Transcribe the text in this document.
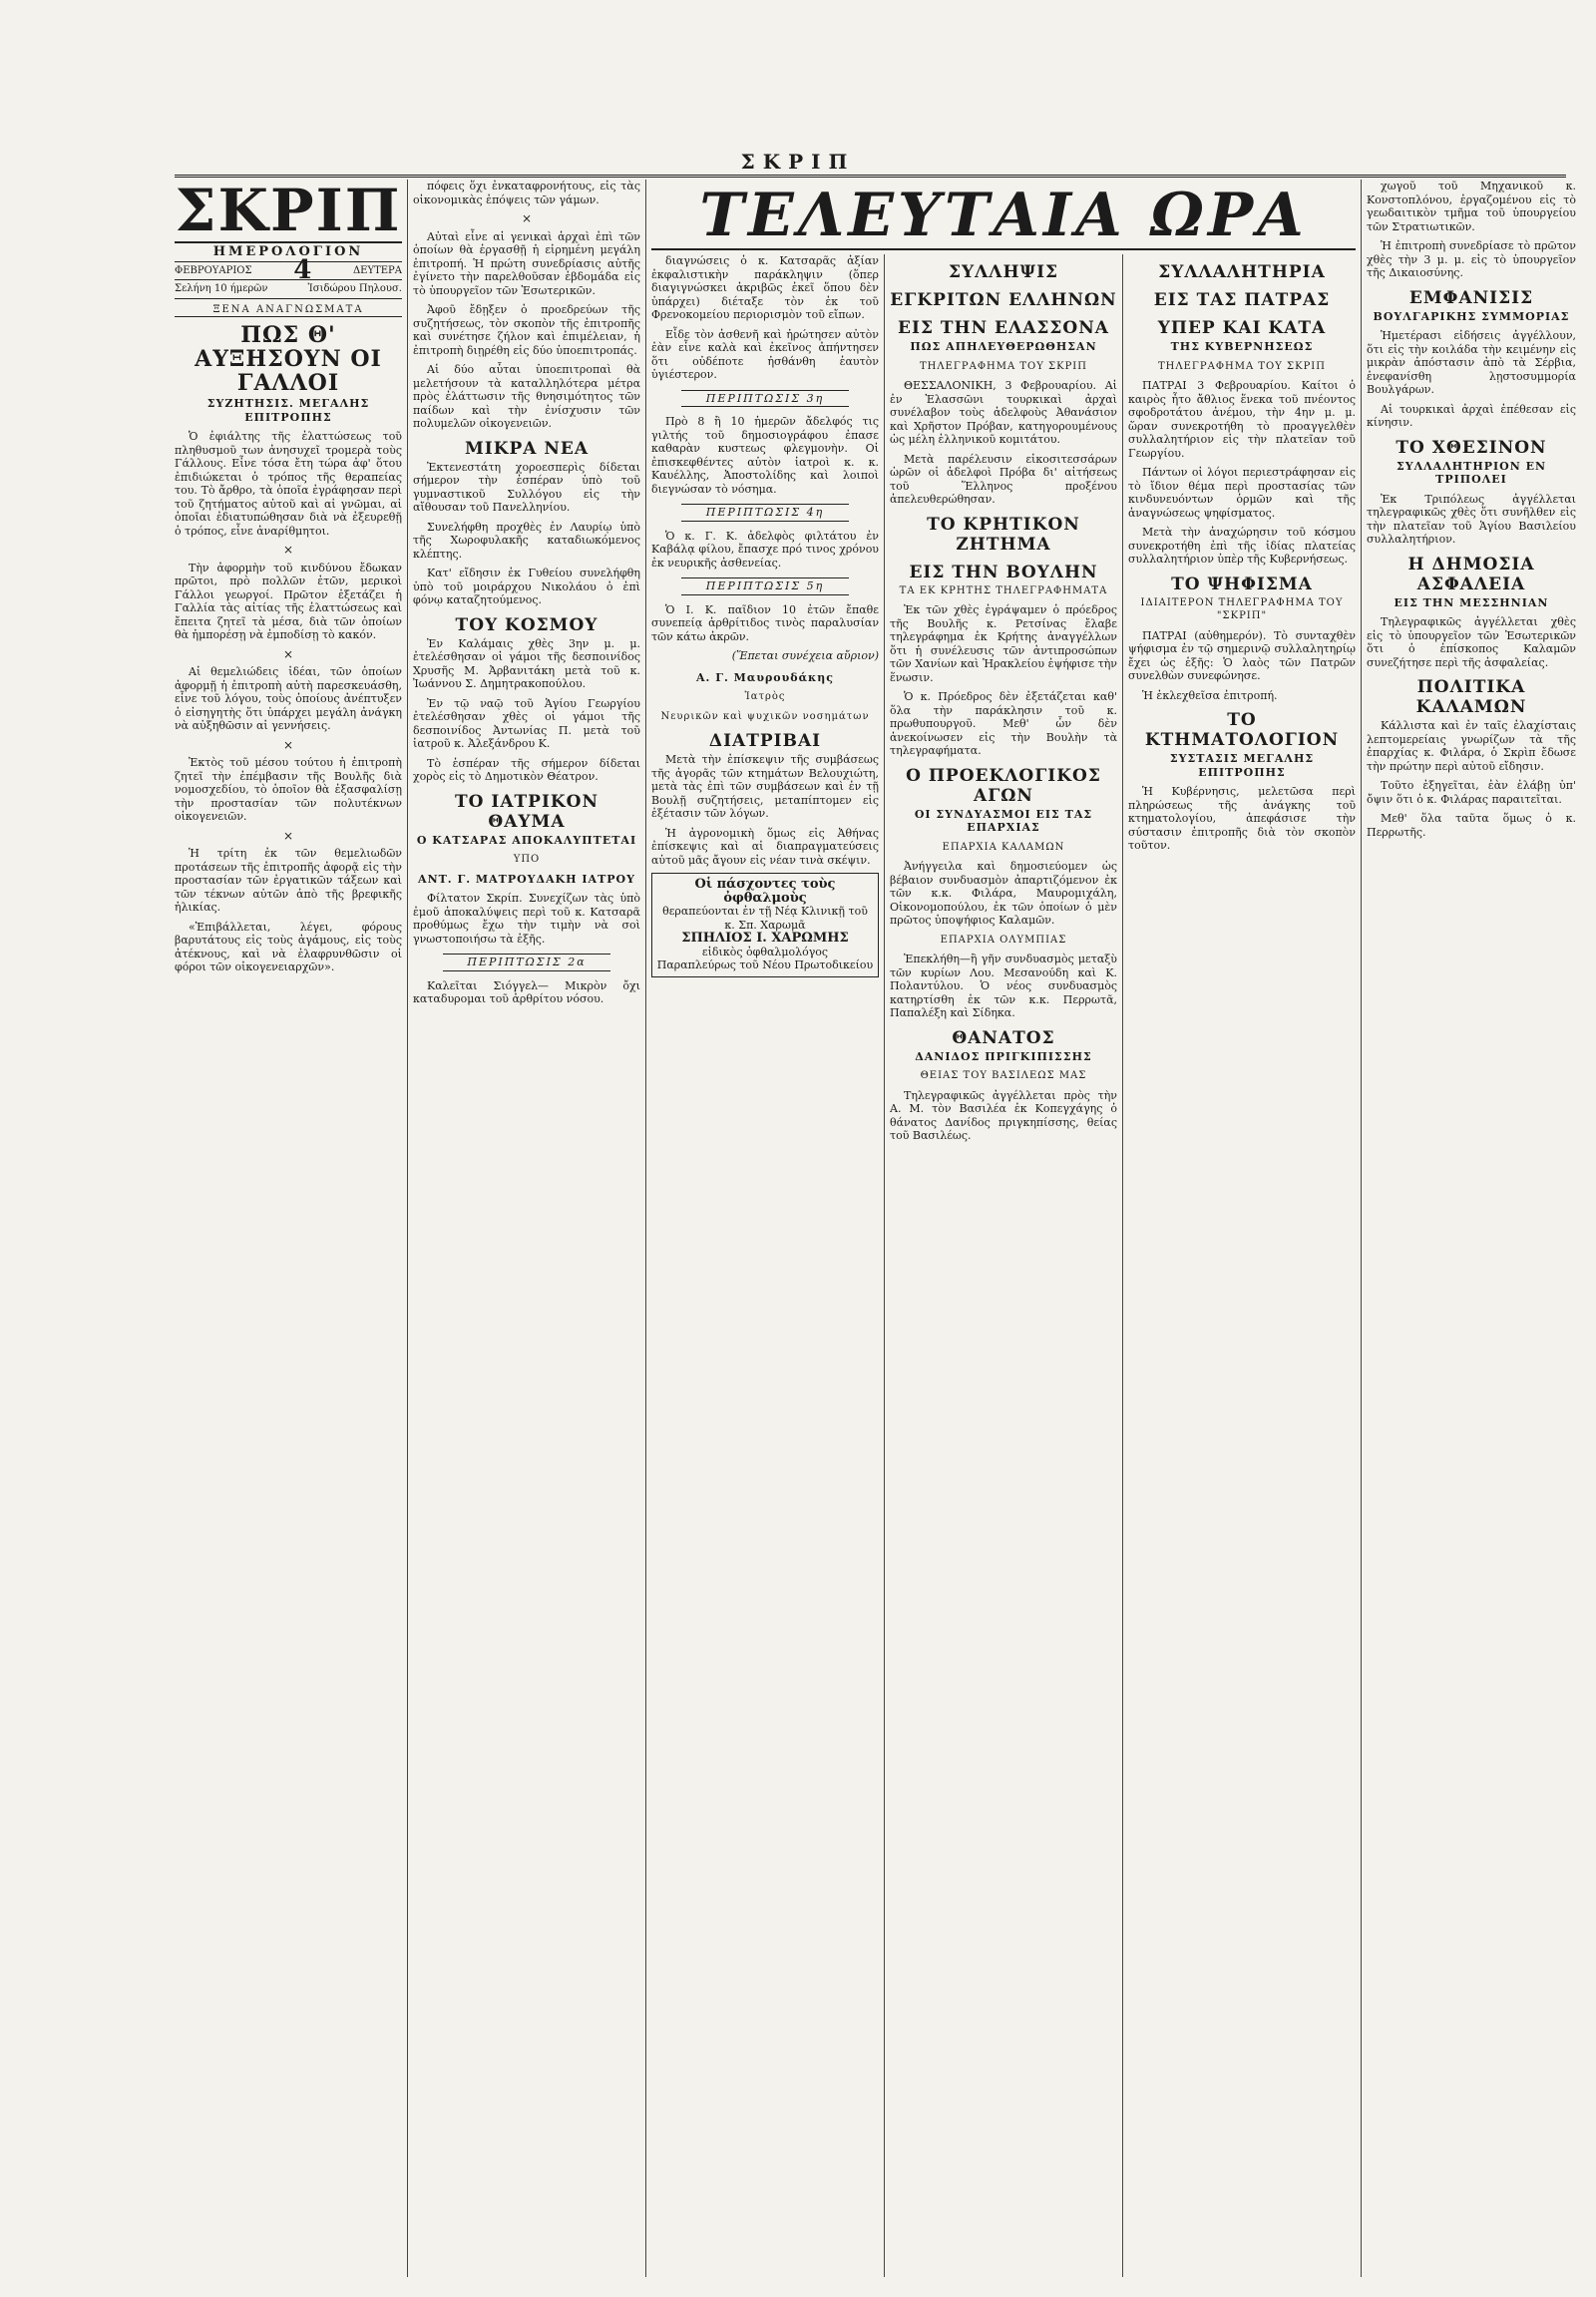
ΣΚΡΙΠ
ΣΚΡΙΠ
ΗΜΕΡΟΛΟΓΙΟΝ
ΦΕΒΡΟΥΑΡΙΟΣ 4	ΔΕΥΤΕΡΑ
Σελήνη 10 ήμερῶν	Ἰσιδώρου Πηλουσ.
ΞΕΝΑ ΑΝΑΓΝΩΣΜΑΤΑ
ΠΩΣ Θ' ΑΥΞΗΣΟΥΝ ΟΙ ΓΑΛΛΟΙ
ΣΥΖΗΤΗΣΙΣ. ΜΕΓΑΛΗΣ ΕΠΙΤΡΟΠΗΣ

Ὁ ἐφιάλτης τῆς ἐλαττώσεως τοῦ πληθυσμοῦ των ἀνησυχεῖ τρομερὰ τοὺς Γάλλους. Εἶνε τόσα ἔτη τώρα ἀφ' ὅτου ἐπιδιώκεται ὁ τρόπος τῆς θεραπείας του. Τὸ ἄρθρο, τὰ ὁποῖα ἐγράφησαν περὶ τοῦ ζητήματος αὐτοῦ καὶ αἱ γνῶμαι, αἱ ὁποῖαι ἐδιατυπώθησαν διὰ νὰ ἐξευρεθῇ ὁ τρόπος, εἶνε ἀναρίθμητοι.

×

Τὴν ἀφορμὴν τοῦ κινδύνου ἔδωκαν πρῶτοι, πρὸ πολλῶν ἐτῶν, μερικοὶ Γάλλοι γεωργοί. Πρῶτον ἐξετάζει ἡ Γαλλία τὰς αἰτίας τῆς ἐλαττώσεως καὶ ἔπειτα ζητεῖ τὰ μέσα, διὰ τῶν ὁποίων θὰ ἠμπορέσῃ νὰ ἐμποδίσῃ τὸ κακόν.

×

Αἱ θεμελιώδεις ἰδέαι, τῶν ὁποίων ἀφορμῇ ἡ ἐπιτροπὴ αὐτὴ παρεσκευάσθη, εἶνε τοῦ λόγου, τοὺς ὁποίους ἀνέπτυξεν ὁ εἰσηγητὴς ὅτι ὑπάρχει μεγάλη ἀνάγκη νὰ αὐξηθῶσιν αἱ γεννήσεις.

×

Ἐκτὸς τοῦ μέσου τούτου ἡ ἐπιτροπὴ ζητεῖ τὴν ἐπέμβασιν τῆς Βουλῆς διὰ νομοσχεδίου, τὸ ὁποῖον θὰ ἐξασφαλίσῃ τὴν προστασίαν τῶν πολυτέκνων οἰκογενειῶν.

×

Ἡ τρίτη ἐκ τῶν θεμελιωδῶν προτάσεων τῆς ἐπιτροπῆς ἀφορᾷ εἰς τὴν προστασίαν τῶν ἐργατικῶν τάξεων καὶ τῶν τέκνων αὐτῶν ἀπὸ τῆς βρεφικῆς ἡλικίας.

«Ἐπιβάλλεται, λέγει, φόρους βαρυτάτους εἰς τοὺς ἀγάμους, εἰς τοὺς ἀτέκνους, καὶ νὰ ἐλαφρυνθῶσιν οἱ φόροι τῶν οἰκογενειαρχῶν».

πόφεις ὅχι ἐνκαταφρονήτους, εἰς τὰς οἰκονομικὰς ἐπόψεις τῶν γάμων.

×

Αὐταὶ εἶνε αἱ γενικαὶ ἀρχαὶ ἐπὶ τῶν ὁποίων θὰ ἐργασθῇ ἡ εἰρημένη μεγάλη ἐπιτροπή. Ἡ πρώτη συνεδρίασις αὐτῆς ἐγίνετο τὴν παρελθοῦσαν ἑβδομάδα εἰς τὸ ὑπουργεῖον τῶν Ἐσωτερικῶν.

Ἀφοῦ ἔδῃξεν ὁ προεδρεύων τῆς συζητήσεως, τὸν σκοπὸν τῆς ἐπιτροπῆς καὶ συνέτησε ζήλον καὶ ἐπιμέλειαν, ἡ ἐπιτροπὴ διῃρέθη εἰς δύο ὑποεπιτροπάς.

Αἱ δύο αὗται ὑποεπιτροπαὶ θὰ μελετήσουν τὰ καταλληλότερα μέτρα πρὸς ἐλάττωσιν τῆς θνησιμότητος τῶν παίδων καὶ τὴν ἐνίσχυσιν τῶν πολυμελῶν οἰκογενειῶν.

ΜΙΚΡΑ ΝΕΑ

Ἐκτενεστάτη χοροεσπερὶς δίδεται σήμερον τὴν ἑσπέραν ὑπὸ τοῦ γυμναστικοῦ Συλλόγου εἰς τὴν αἴθουσαν τοῦ Πανελληνίου.

Συνελήφθη προχθὲς ἐν Λαυρίῳ ὑπὸ τῆς Χωροφυλακῆς καταδιωκόμενος κλέπτης.

Κατ' εἴδησιν ἐκ Γυθείου συνελήφθη ὑπὸ τοῦ μοιράρχου Νικολάου ὁ ἐπὶ φόνῳ καταζητούμενος.

ΤΟΥ ΚΟΣΜΟΥ

Ἐν Καλάμαις χθὲς 3ην μ. μ. ἐτελέσθησαν οἱ γάμοι τῆς δεσποινίδος Χρυσῆς Μ. Ἀρβανιτάκη μετὰ τοῦ κ. Ἰωάννου Σ. Δημητρακοπούλου.

Ἐν τῷ ναῷ τοῦ Ἁγίου Γεωργίου ἐτελέσθησαν χθὲς οἱ γάμοι τῆς δεσποινίδος Ἀντωνίας Π. μετὰ τοῦ ἰατροῦ κ. Ἀλεξάνδρου Κ.

Τὸ ἑσπέραν τῆς σήμερον δίδεται χορὸς εἰς τὸ Δημοτικὸν Θέατρον.

ΤΟ ΙΑΤΡΙΚΟΝ ΘΑΥΜΑ
Ο ΚΑΤΣΑΡΑΣ ΑΠΟΚΑΛΥΠΤΕΤΑΙ
ΥΠΟ
ΑΝΤ. Γ. ΜΑΤΡΟΥΔΑΚΗ ΙΑΤΡΟΥ

Φίλτατον Σκρίπ. Συνεχίζων τὰς ὑπὸ ἐμοῦ ἀποκαλύψεις περὶ τοῦ κ. Κατσαρᾶ προθύμως ἔχω τὴν τιμὴν νὰ σοὶ γνωστοποιήσω τὰ ἑξῆς.

ΠΕΡΙΠΤΩΣΙΣ 2α

Καλεῖται Σιόγγελ— Μικρὸν ὄχι καταδυρομαι τοῦ ἀρθρίτου νόσου.

ΤΕΛΕΥΤΑΙΑ ΩΡΑ

διαγνώσεις ὁ κ. Κατσαρᾶς ἀξίαν ἐκφαλιστικὴν παράκληψιν (ὅπερ διαγιγνώσκει ἀκριβῶς ἐκεῖ ὅπου δὲν ὑπάρχει) διέταξε τὸν ἐκ τοῦ Φρενοκομείου περιορισμὸν τοῦ εἴπων.

Εἶδε τὸν ἀσθενῆ καὶ ἠρώτησεν αὐτὸν ἐὰν εἶνε καλὰ καὶ ἐκεῖνος ἀπήντησεν ὅτι οὐδέποτε ἠσθάνθη ἑαυτὸν ὑγιέστερον.

ΠΕΡΙΠΤΩΣΙΣ 3η

Πρὸ 8 ἢ 10 ἡμερῶν ἄδελφός τις γιλτής τοῦ δημοσιογράφου ἐπασε καθαρὰν κυστεως φλεγμονὴν. Οἱ ἐπισκεφθέντες αὐτὸν ἰατροὶ κ. κ. Καυέλλης, Ἀποστολίδης καὶ λοιποὶ διεγνώσαν τὸ νόσημα.

ΠΕΡΙΠΤΩΣΙΣ 4η

Ὁ κ. Γ. Κ. ἀδελφὸς φιλτάτου ἐν Καβάλᾳ φίλου, ἔπασχε πρό τινος χρόνου ἐκ νευρικῆς ἀσθενείας.

ΠΕΡΙΠΤΩΣΙΣ 5η

Ὁ Ι. Κ. παῖδιον 10 ἐτῶν ἔπαθε συνεπείᾳ ἀρθρίτιδος τινὸς παραλυσίαν τῶν κάτω ἀκρῶν.

(Ἕπεται συνέχεια αὔριον)
Α. Γ. Μαυρουδάκης
Ἰατρὸς
Νευρικῶν καὶ ψυχικῶν νοσημάτων
ΔΙΑΤΡΙΒΑΙ

Μετὰ τὴν ἐπίσκεψιν τῆς συμβάσεως τῆς ἀγορᾶς τῶν κτημάτων Βελουχιώτη, μετὰ τὰς ἐπὶ τῶν συμβάσεων καὶ ἐν τῇ Βουλῇ συζητήσεις, μεταπίπτομεν εἰς ἐξέτασιν τῶν λόγων.

Ἡ ἀγρονομικὴ ὅμως εἰς Ἀθήνας ἐπίσκεψις καὶ αἱ διαπραγματεύσεις αὐτοῦ μᾶς ἄγουν εἰς νέαν τινὰ σκέψιν.

Οἱ πάσχοντες τοὺς ὀφθαλμοὺς
θεραπεύονται ἐν τῇ Νέᾳ Κλινικῇ τοῦ κ. Σπ. Χαρωμᾶ
ΣΠΗΛΙΟΣ Ι. ΧΑΡΩΜΗΣ
εἰδικὸς ὀφθαλμολόγος
Παραπλεύρως τοῦ Νέου Πρωτοδικείου
ΣΥΛΛΗΨΙΣ
ΕΓΚΡΙΤΩΝ ΕΛΛΗΝΩΝ
ΕΙΣ ΤΗΝ ΕΛΑΣΣΟΝΑ
ΠΩΣ ΑΠΗΛΕΥΘΕΡΩΘΗΣΑΝ
ΤΗΛΕΓΡΑΦΗΜΑ ΤΟΥ ΣΚΡΙΠ

ΘΕΣΣΑΛΟΝΙΚΗ, 3 Φεβρουαρίου. Αἱ ἐν Ἐλασσῶνι τουρκικαὶ ἀρχαὶ συνέλαβον τοὺς ἀδελφοὺς Ἀθανάσιον καὶ Χρῆστον Πρόβαν, κατηγορουμένους ὡς μέλη ἑλληνικοῦ κομιτάτου.

Μετὰ παρέλευσιν εἰκοσιτεσσάρων ὡρῶν οἱ ἀδελφοὶ Πρόβα δι' αἰτήσεως τοῦ Ἕλληνος προξένου ἀπελευθερώθησαν.

ΤΟ ΚΡΗΤΙΚΟΝ ΖΗΤΗΜΑ
ΕΙΣ ΤΗΝ ΒΟΥΛΗΝ
ΤΑ ΕΚ ΚΡΗΤΗΣ ΤΗΛΕΓΡΑΦΗΜΑΤΑ

Ἐκ τῶν χθὲς ἐγράψαμεν ὁ πρόεδρος τῆς Βουλῆς κ. Ρετσίνας ἔλαβε τηλεγράφημα ἐκ Κρήτης ἀναγγέλλων ὅτι ἡ συνέλευσις τῶν ἀντιπροσώπων τῶν Χανίων καὶ Ἡρακλείου ἐψήφισε τὴν ἕνωσιν.

Ὁ κ. Πρόεδρος δὲν ἐξετάζεται καθ' ὅλα τὴν παράκλησιν τοῦ κ. πρωθυπουργοῦ. Μεθ' ὧν δὲν ἀνεκοίνωσεν εἰς τὴν Βουλὴν τὰ τηλεγραφήματα.

Ο ΠΡΟΕΚΛΟΓΙΚΟΣ ΑΓΩΝ
ΟΙ ΣΥΝΔΥΑΣΜΟΙ ΕΙΣ ΤΑΣ ΕΠΑΡΧΙΑΣ
ΕΠΑΡΧΙΑ ΚΑΛΑΜΩΝ

Ἀνήγγειλα καὶ δημοσιεύομεν ὡς βέβαιον συνδυασμὸν ἀπαρτιζόμενον ἐκ τῶν κ.κ. Φιλάρα, Μαυρομιχάλη, Οἰκονομοπούλου, ἐκ τῶν ὁποίων ὁ μὲν πρῶτος ὑποψήφιος Καλαμῶν.

ΕΠΑΡΧΙΑ ΟΛΥΜΠΙΑΣ

Ἐπεκλήθη—ἢ γῆν συνδυασμὸς μεταξὺ τῶν κυρίων Λου. Μεσανούδη καὶ Κ. Πολαντύλου. Ὁ νέος συνδυασμὸς κατηρτίσθη ἐκ τῶν κ.κ. Περρωτᾶ, Παπαλέξη καὶ Σίδηκα.

ΘΑΝΑΤΟΣ
ΔΑΝΙΔΟΣ ΠΡΙΓΚΙΠΙΣΣΗΣ
ΘΕΙΑΣ ΤΟΥ ΒΑΣΙΛΕΩΣ ΜΑΣ

Τηλεγραφικῶς ἀγγέλλεται πρὸς τὴν Α. Μ. τὸν Βασιλέα ἐκ Κοπεγχάγης ὁ θάνατος Δανίδος πριγκηπίσσης, θείας τοῦ Βασιλέως.

ΣΥΛΛΑΛΗΤΗΡΙΑ
ΕΙΣ ΤΑΣ ΠΑΤΡΑΣ
ΥΠΕΡ ΚΑΙ ΚΑΤΑ
ΤΗΣ ΚΥΒΕΡΝΗΣΕΩΣ
ΤΗΛΕΓΡΑΦΗΜΑ ΤΟΥ ΣΚΡΙΠ

ΠΑΤΡΑΙ 3 Φεβρουαρίου. Καίτοι ὁ καιρὸς ἦτο ἄθλιος ἕνεκα τοῦ πνέοντος σφοδροτάτου ἀνέμου, τὴν 4ην μ. μ. ὥραν συνεκροτήθη τὸ προαγγελθὲν συλλαλητήριον εἰς τὴν πλατεῖαν τοῦ Γεωργίου.

Πάντων οἱ λόγοι περιεστράφησαν εἰς τὸ ἴδιον θέμα περὶ προστασίας τῶν κινδυνευόντων ὁρμῶν καὶ τῆς ἀναγνώσεως ψηφίσματος.

Μετὰ τὴν ἀναχώρησιν τοῦ κόσμου συνεκροτήθη ἐπὶ τῆς ἰδίας πλατείας συλλαλητήριον ὑπὲρ τῆς Κυβερνήσεως.

ΤΟ ΨΗΦΙΣΜΑ
ΙΔΙΑΙΤΕΡΟΝ ΤΗΛΕΓΡΑΦΗΜΑ ΤΟΥ "ΣΚΡΙΠ"

ΠΑΤΡΑΙ (αὐθημερόν). Τὸ συνταχθὲν ψήφισμα ἐν τῷ σημερινῷ συλλαλητηρίῳ ἔχει ὡς ἑξῆς: Ὁ λαὸς τῶν Πατρῶν συνελθὼν συνεφώνησε.

Ἡ ἐκλεχθεῖσα ἐπιτροπή.

ΤΟ ΚΤΗΜΑΤΟΛΟΓΙΟΝ
ΣΥΣΤΑΣΙΣ ΜΕΓΑΛΗΣ ΕΠΙΤΡΟΠΗΣ

Ἡ Κυβέρνησις, μελετῶσα περὶ πληρώσεως τῆς ἀνάγκης τοῦ κτηματολογίου, ἀπεφάσισε τὴν σύστασιν ἐπιτροπῆς διὰ τὸν σκοπὸν τοῦτον.

χωγοῦ τοῦ Μηχανικοῦ κ. Κονστοπλόνου, ἐργαζομένου εἰς τὸ γεωδαιτικὸν τμῆμα τοῦ ὑπουργείου τῶν Στρατιωτικῶν.

Ἡ ἐπιτροπὴ συνεδρίασε τὸ πρῶτον χθὲς τὴν 3 μ. μ. εἰς τὸ ὑπουργεῖον τῆς Δικαιοσύνης.

ΕΜΦΑΝΙΣΙΣ
ΒΟΥΛΓΑΡΙΚΗΣ ΣΥΜΜΟΡΙΑΣ

Ἡμετέρασι εἰδήσεις ἀγγέλλουν, ὅτι εἰς τὴν κοιλάδα τὴν κειμένην εἰς μικρὰν ἀπόστασιν ἀπὸ τὰ Σέρβια, ἐνεφανίσθη λῃστοσυμμορία Βουλγάρων.

Αἱ τουρκικαὶ ἀρχαὶ ἐπέθεσαν εἰς κίνησιν.

ΤΟ ΧΘΕΣΙΝΟΝ
ΣΥΛΛΑΛΗΤΗΡΙΟΝ ΕΝ ΤΡΙΠΟΛΕΙ

Ἐκ Τριπόλεως ἀγγέλλεται τηλεγραφικῶς χθὲς ὅτι συνῆλθεν εἰς τὴν πλατεῖαν τοῦ Ἁγίου Βασιλείου συλλαλητήριον.

Η ΔΗΜΟΣΙΑ ΑΣΦΑΛΕΙΑ
ΕΙΣ ΤΗΝ ΜΕΣΣΗΝΙΑΝ

Τηλεγραφικῶς ἀγγέλλεται χθὲς εἰς τὸ ὑπουργεῖον τῶν Ἐσωτερικῶν ὅτι ὁ ἐπίσκοπος Καλαμῶν συνεζήτησε περὶ τῆς ἀσφαλείας.

ΠΟΛΙΤΙΚΑ ΚΑΛΑΜΩΝ

Κάλλιστα καὶ ἐν ταῖς ἐλαχίσταις λεπτομερείαις γνωρίζων τὰ τῆς ἐπαρχίας κ. Φιλάρα, ὁ Σκρὶπ ἔδωσε τὴν πρώτην περὶ αὐτοῦ εἴδησιν.

Τοῦτο ἐξηγεῖται, ἐὰν ἐλάβῃ ὑπ' ὄψιν ὅτι ὁ κ. Φιλάρας παραιτεῖται.

Μεθ' ὅλα ταῦτα ὅμως ὁ κ. Περρωτῆς.
